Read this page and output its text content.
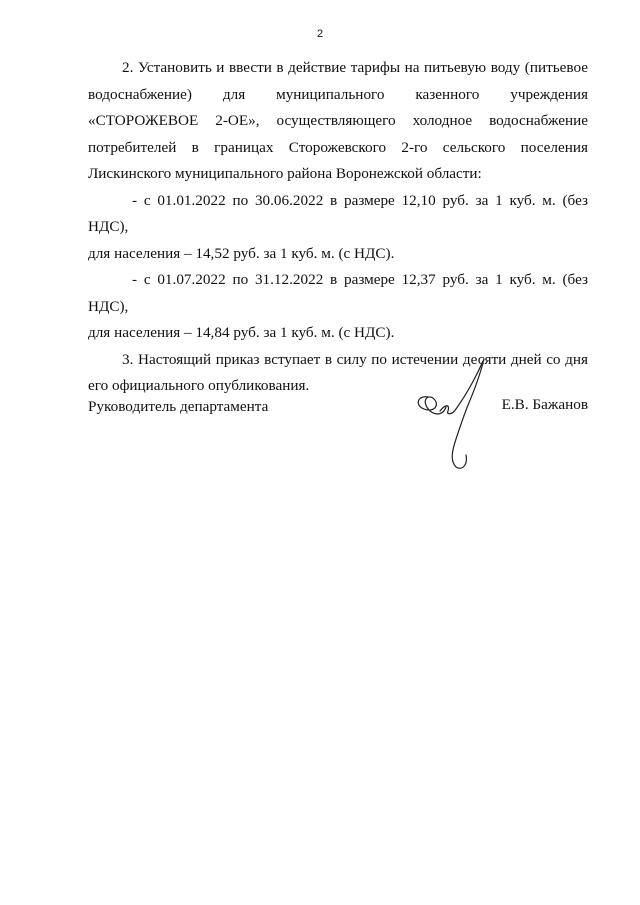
2

2. Установить и ввести в действие тарифы на питьевую воду (питьевое водоснабжение) для муниципального казенного учреждения «СТОРОЖЕВОЕ 2-ОЕ», осуществляющего холодное водоснабжение потребителей в границах Сторожевского 2-го сельского поселения Лискинского муниципального района Воронежской области:

- с 01.01.2022 по 30.06.2022 в размере 12,10 руб. за 1 куб. м. (без НДС),

для населения – 14,52 руб. за 1 куб. м. (с НДС).

- с 01.07.2022 по 31.12.2022 в размере 12,37 руб. за 1 куб. м. (без НДС),

для населения – 14,84 руб. за 1 куб. м. (с НДС).

3. Настоящий приказ вступает в силу по истечении десяти дней со дня его официального опубликования.

Руководитель департамента	Е.В. Бажанов
